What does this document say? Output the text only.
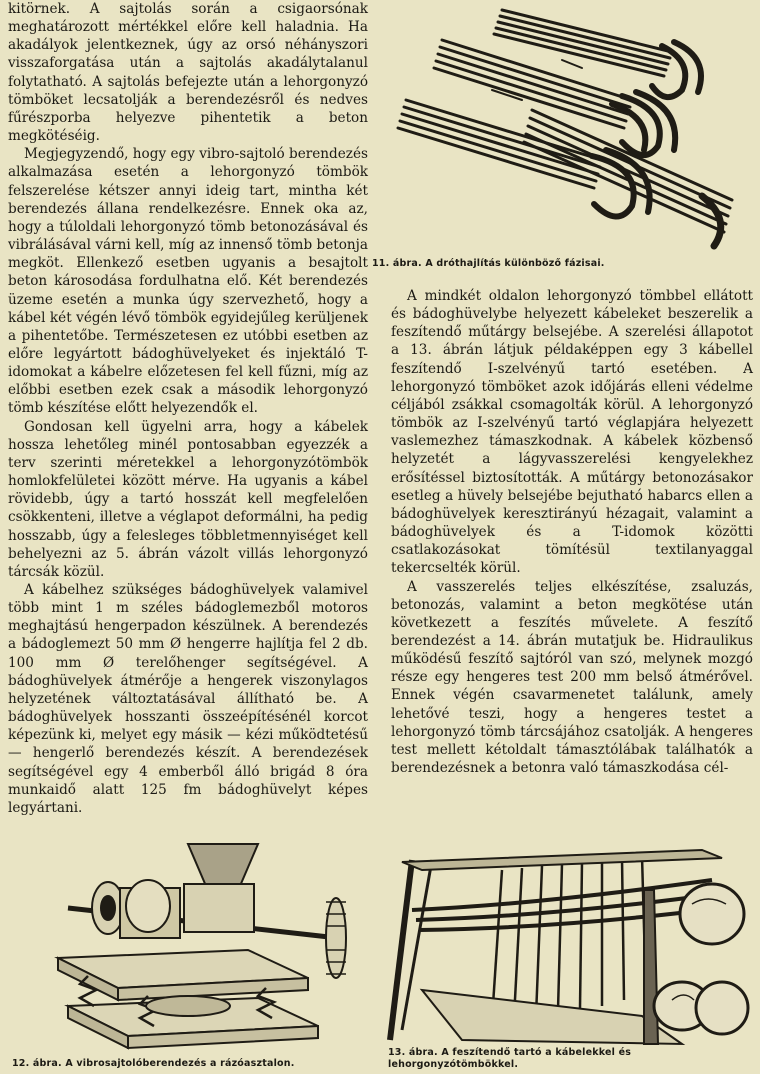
kitörnek. A sajtolás során a csigaorsónak meghatározott mértékkel előre kell haladnia. Ha akadályok jelentkeznek, úgy az orsó néhányszori visszaforgatása után a sajtolás akadálytalanul folytatható. A sajtolás befejezte után a lehorgonyzó tömböket lecsatolják a berendezésről és nedves fűrészporba helyezve pihentetik a beton megkötéséig.

Megjegyzendő, hogy egy vibro-sajtoló berendezés alkalmazása esetén a lehorgonyzó tömbök felszerelése kétszer annyi ideig tart, mintha két berendezés állana rendelkezésre. Ennek oka az, hogy a túloldali lehorgonyzó tömb betonozásával és vibrálásával várni kell, míg az innenső tömb betonja megköt. Ellenkező esetben ugyanis a besajtolt beton károsodása fordulhatna elő. Két berendezés üzeme esetén a munka úgy szervezhető, hogy a kábel két végén lévő tömbök egyidejűleg kerüljenek a pihentetőbe. Természetesen ez utóbbi esetben az előre legyártott bádoghüvelyeket és injektáló T-idomokat a kábelre előzetesen fel kell fűzni, míg az előbbi esetben ezek csak a második lehorgonyzó tömb készítése előtt helyezendők el.

Gondosan kell ügyelni arra, hogy a kábelek hossza lehetőleg minél pontosabban egyezzék a terv szerinti méretekkel a lehorgonyzótömbök homlokfelületei között mérve. Ha ugyanis a kábel rövidebb, úgy a tartó hosszát kell megfelelően csökkenteni, illetve a véglapot deformálni, ha pedig hosszabb, úgy a felesleges többletmennyiséget kell behelyezni az 5. ábrán vázolt villás lehorgonyzó tárcsák közül.

A kábelhez szükséges bádoghüvelyek valamivel több mint 1 m széles bádoglemezből motoros meghajtású hengerpadon készülnek. A berendezés a bádoglemezt 50 mm Ø hengerre hajlítja fel 2 db. 100 mm Ø terelőhenger segítségével. A bádoghüvelyek átmérője a hengerek viszonylagos helyzetének változtatásával állítható be. A bádoghüvelyek hosszanti összeépítésénél korcot képezünk ki, melyet egy másik — kézi működtetésű — hengerlő berendezés készít. A berendezések segítségével egy 4 emberből álló brigád 8 óra munkaidő alatt 125 fm bádoghüvelyt képes legyártani.

11. ábra. A dróthajlítás különböző fázisai.

A mindkét oldalon lehorgonyzó tömbbel ellátott és bádoghüvelybe helyezett kábeleket beszerelik a feszítendő műtárgy belsejébe. A szerelési állapotot a 13. ábrán látjuk példaképpen egy 3 kábellel feszítendő I-szelvényű tartó esetében. A lehorgonyzó tömböket azok időjárás elleni védelme céljából zsákkal csomagolták körül. A lehorgonyzó tömbök az I-szelvényű tartó véglapjára helyezett vaslemezhez támaszkodnak. A kábelek közbenső helyzetét a lágyvasszerelési kengyelekhez erősítéssel biztosították. A műtárgy betonozásakor esetleg a hüvely belsejébe bejutható habarcs ellen a bádoghüvelyek keresztirányú hézagait, valamint a bádoghüvelyek és a T-idomok közötti csatlakozásokat tömítésül textilanyaggal tekercselték körül.

A vasszerelés teljes elkészítése, zsaluzás, betonozás, valamint a beton megkötése után következett a feszítés művelete. A feszítő berendezést a 14. ábrán mutatjuk be. Hidraulikus működésű feszítő sajtóról van szó, melynek mozgó része egy hengeres test 200 mm belső átmérővel. Ennek végén csavarmenetet találunk, amely lehetővé teszi, hogy a hengeres testet a lehorgonyzó tömb tárcsájához csatolják. A hengeres test mellett kétoldalt támasztólábak találhatók a berendezésnek a betonra való támaszkodása cél-

12. ábra. A vibrosajtolóberendezés a rázóasztalon.
13. ábra. A feszítendő tartó a kábelekkel és lehorgonyzótömbökkel.
